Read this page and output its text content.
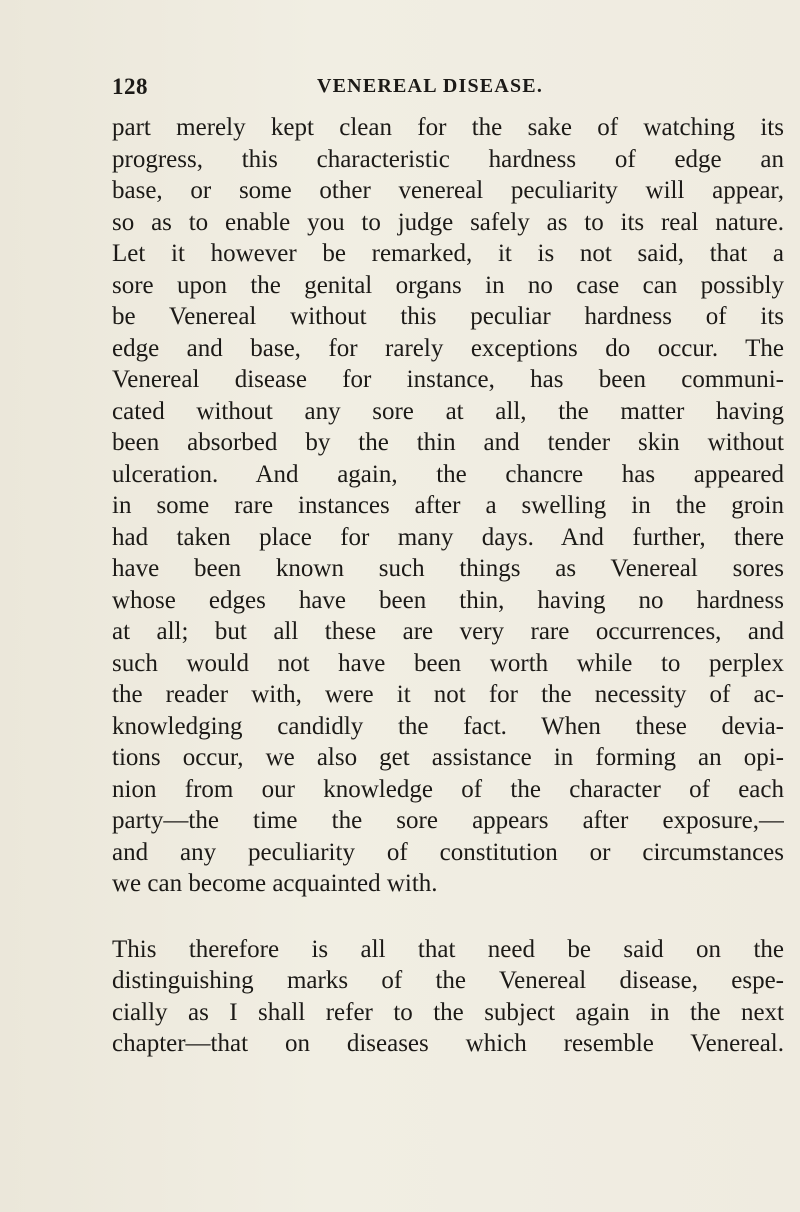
128	VENEREAL DISEASE.
part merely kept clean for the sake of watching its
progress, this characteristic hardness of edge an
base, or some other venereal peculiarity will appear,
so as to enable you to judge safely as to its real nature.
Let it however be remarked, it is not said, that a
sore upon the genital organs in no case can possibly
be Venereal without this peculiar hardness of its
edge and base, for rarely exceptions do occur. The
Venereal disease for instance, has been communi-
cated without any sore at all, the matter having
been absorbed by the thin and tender skin without
ulceration. And again, the chancre has appeared
in some rare instances after a swelling in the groin
had taken place for many days. And further, there
have been known such things as Venereal sores
whose edges have been thin, having no hardness
at all; but all these are very rare occurrences, and
such would not have been worth while to perplex
the reader with, were it not for the necessity of ac-
knowledging candidly the fact. When these devia-
tions occur, we also get assistance in forming an opi-
nion from our knowledge of the character of each
party—the time the sore appears after exposure,—
and any peculiarity of constitution or circumstances
we can become acquainted with.
This therefore is all that need be said on the
distinguishing marks of the Venereal disease, espe-
cially as I shall refer to the subject again in the next
chapter—that on diseases which resemble Venereal.
